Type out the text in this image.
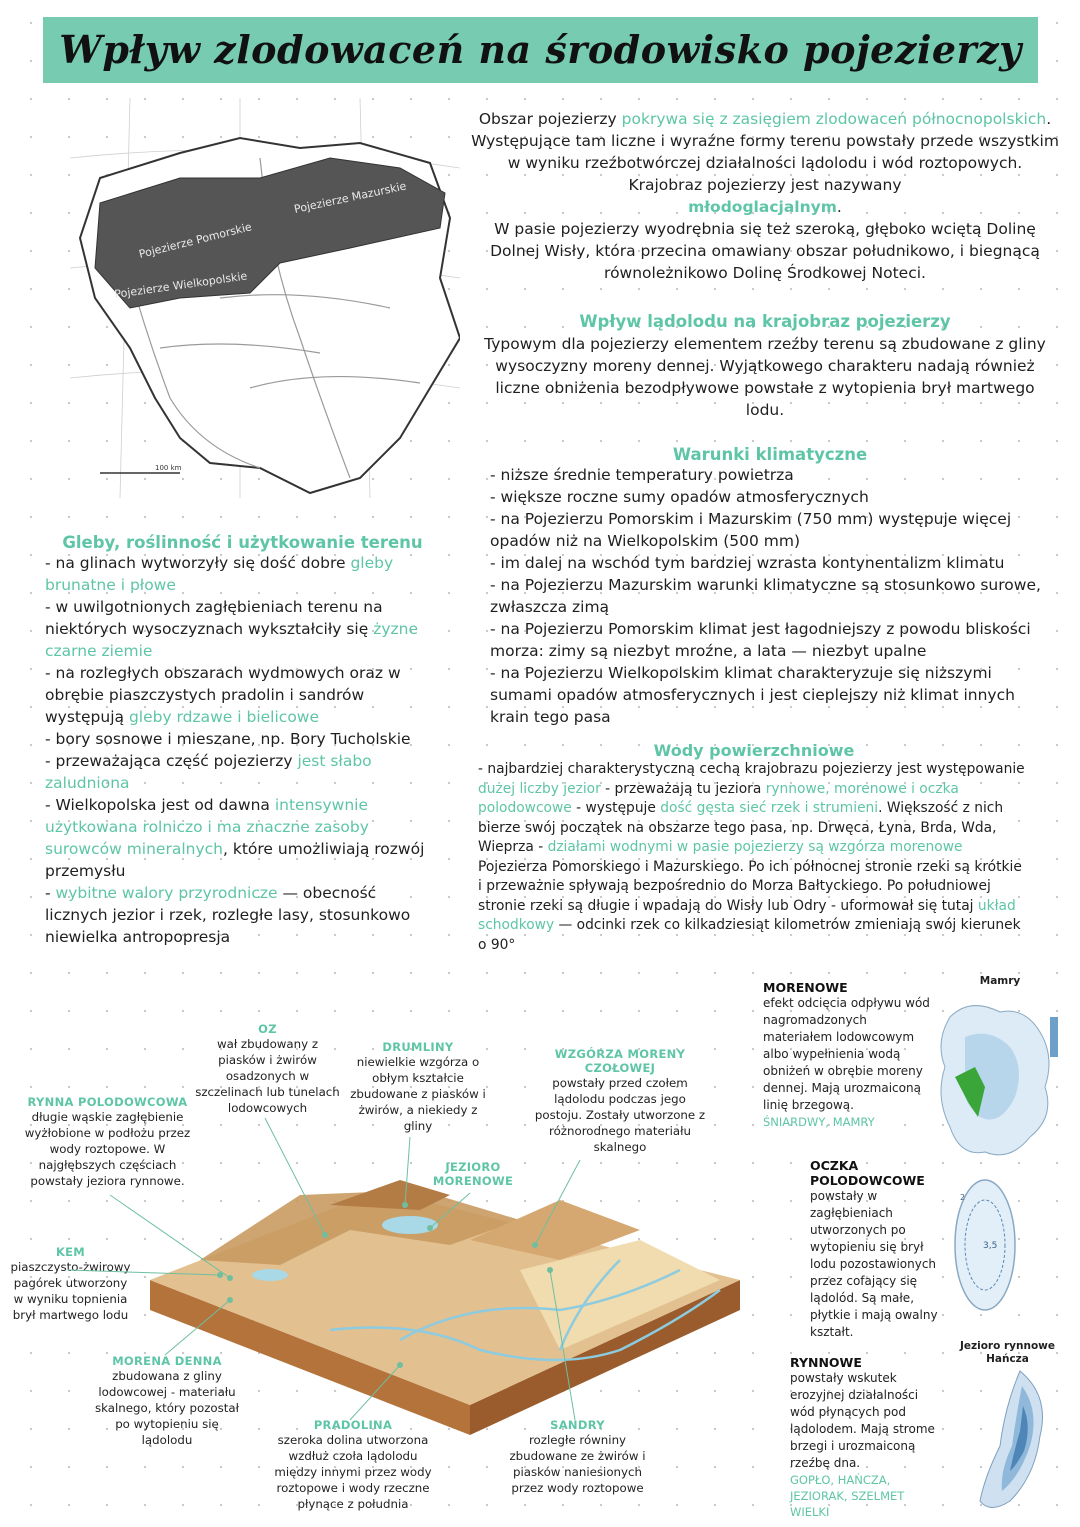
Wpływ zlodowaceń na środowisko pojezierzy
Pojezierze Pomorskie
Pojezierze Mazurskie
Pojezierze Wielkopolskie
100 km

Obszar pojezierzy pokrywa się z zasięgiem zlodowaceń północnopolskich. Występujące tam liczne i wyraźne formy terenu powstały przede wszystkim w wyniku rzeźbotwórczej działalności lądolodu i wód roztopowych. Krajobraz pojezierzy jest nazywany
młodoglacjalnym.

W pasie pojezierzy wyodrębnia się też szeroką, głęboko wciętą Dolinę Dolnej Wisły, która przecina omawiany obszar południkowo, i biegnącą równoleżnikowo Dolinę Środkowej Noteci.

Wpływ lądolodu na krajobraz pojezierzy
Typowym dla pojezierzy elementem rzeźby terenu są zbudowane z gliny wysoczyzny moreny dennej. Wyjątkowego charakteru nadają również liczne obniżenia bezodpływowe powstałe z wytopienia brył martwego lodu.
Warunki klimatyczne
- niższe średnie temperatury powietrza
- większe roczne sumy opadów atmosferycznych
- na Pojezierzu Pomorskim i Mazurskim (750 mm) występuje więcej opadów niż na Wielkopolskim (500 mm)
- im dalej na wschód tym bardziej wzrasta kontynentalizm klimatu
- na Pojezierzu Mazurskim warunki klimatyczne są stosunkowo surowe, zwłaszcza zimą
- na Pojezierzu Pomorskim klimat jest łagodniejszy z powodu bliskości morza: zimy są niezbyt mroźne, a lata — niezbyt upalne
- na Pojezierzu Wielkopolskim klimat charakteryzuje się niższymi sumami opadów atmosferycznych i jest cieplejszy niż klimat innych krain tego pasa
Gleby, roślinność i użytkowanie terenu
- na glinach wytworzyły się dość dobre gleby brunatne i płowe
- w uwilgotnionych zagłębieniach terenu na niektórych wysoczyznach wykształciły się żyzne czarne ziemie
- na rozległych obszarach wydmowych oraz w obrębie piaszczystych pradolin i sandrów występują gleby rdzawe i bielicowe
- bory sosnowe i mieszane, np. Bory Tucholskie
- przeważająca część pojezierzy jest słabo zaludniona
- Wielkopolska jest od dawna intensywnie użytkowana rolniczo i ma znaczne zasoby surowców mineralnych, które umożliwiają rozwój przemysłu
- wybitne walory przyrodnicze — obecność licznych jezior i rzek, rozległe lasy, stosunkowo niewielka antropopresja
Wody powierzchniowe
- najbardziej charakterystyczną cechą krajobrazu pojezierzy jest występowanie dużej liczby jezior - przeważają tu jeziora rynnowe, morenowe i oczka polodowcowe - występuje dość gęsta sieć rzek i strumieni. Większość z nich bierze swój początek na obszarze tego pasa, np. Drwęca, Łyna, Brda, Wda, Wieprza - działami wodnymi w pasie pojezierzy są wzgórza morenowe Pojezierza Pomorskiego i Mazurskiego. Po ich północnej stronie rzeki są krótkie i przeważnie spływają bezpośrednio do Morza Bałtyckiego. Po południowej stronie rzeki są długie i wpadają do Wisły lub Odry - uformował się tutaj układ schodkowy — odcinki rzek co kilkadziesiąt kilometrów zmieniają swój kierunek o 90°
OZ
wał zbudowany z piasków i żwirów osadzonych w szczelinach lub tunelach lodowcowych
DRUMLINY
niewielkie wzgórza o obłym kształcie zbudowane z piasków i żwirów, a niekiedy z gliny
WZGÓRZA MORENY CZOŁOWEJ
powstały przed czołem lądolodu podczas jego postoju. Zostały utworzone z różnorodnego materiału skalnego
RYNNA POLODOWCOWA
długie wąskie zagłębienie wyżłobione w podłożu przez wody roztopowe. W najgłębszych częściach powstały jeziora rynnowe.
JEZIORO MORENOWE
KEM
piaszczysto-żwirowy pagórek utworzony w wyniku topnienia brył martwego lodu
MORENA DENNA
zbudowana z gliny lodowcowej - materiału skalnego, który pozostał po wytopieniu się lądolodu
PRADOLINA
szeroka dolina utworzona wzdłuż czoła lądolodu między innymi przez wody roztopowe i wody rzeczne płynące z południa
SANDRY
rozległe równiny zbudowane ze żwirów i piasków naniesionych przez wody roztopowe
MORENOWE
efekt odcięcia odpływu wód nagromadzonych materiałem lodowcowym albo wypełnienia wodą obniżeń w obrębie moreny dennej. Mają urozmaiconą linię brzegową.
ŚNIARDWY, MAMRY
Mamry
OCZKA POLODOWCOWE
powstały w zagłębieniach utworzonych po wytopieniu się brył lodu pozostawionych przez cofający się lądolód. Są małe, płytkie i mają owalny kształt.
3,5
2
RYNNOWE
powstały wskutek erozyjnej działalności wód płynących pod lądolodem. Mają strome brzegi i urozmaiconą rzeźbę dna.
GOPŁO, HAŃCZA, JEZIORAK, SZELMET WIELKI
Jezioro rynnowe Hańcza
